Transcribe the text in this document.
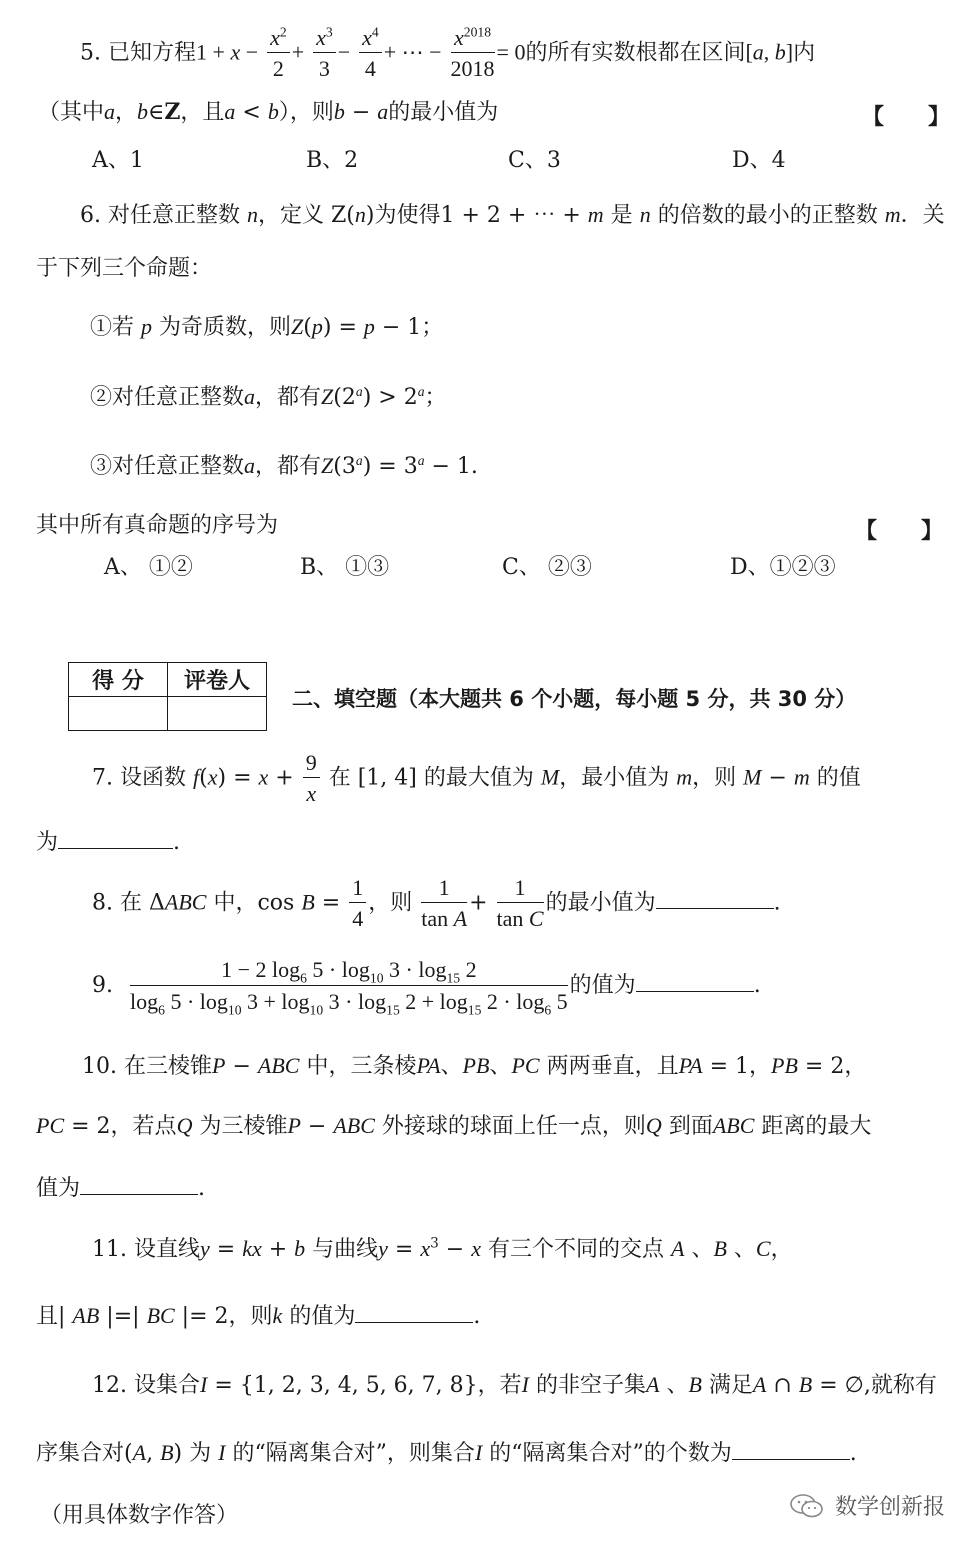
5. 已知方程$1 + x - \frac{x^2}{2} + \frac{x^3}{3} - \frac{x^4}{4}$ + ⋯ − $\frac{x^{2018}}{2018} = 0$的所有实数根都在区间[a, b]内
（其中a，b∈Z，且a < b），则b − a的最小值为	【　　】
A、1	B、2	C、3	D、4
6. 对任意正整数 n，定义 Z(n)为使得1 + 2 + ⋯ + m 是 n 的倍数的最小的正整数 m．关
于下列三个命题：
①若 p 为奇质数，则Z(p) = p − 1；
②对任意正整数a，都有$Z(2^a) > 2^a$；
③对任意正整数a，都有$Z(3^a) = 3^a - 1$.
其中所有真命题的序号为	【　　】
A、 ①②	B、 ①③	C、 ②③	D、①②③
得 分	评卷人

二、填空题（本大题共 6 个小题，每小题 5 分，共 30 分）
7. 设函数 $f(x) = x + \frac{9}{x}$ 在 [1, 4] 的最大值为 M，最小值为 m，则 M − m 的值
为	.
8. 在 ΔABC 中，$\cos B = \frac{1}{4}$ ，则 $\frac{1}{\text{tan A}} + \frac{1}{\text{tan C}}$ 的最小值为	.
9. $\frac{1 - 2 \log_6 5 \cdot \log_{10} 3 \cdot \log_{15} 2}{\log_6 5 \cdot \log_{10} 3 + \log_{10} 3 \cdot \log_{15} 2 + \log_{15} 2 \cdot \log_6 5}$ 的值为	.
10. 在三棱锥P − ABC 中，三条棱PA、PB、PC 两两垂直，且PA = 1，PB = 2，
PC = 2，若点Q 为三棱锥P − ABC 外接球的球面上任一点，则Q 到面ABC 距离的最大
值为	.
11. 设直线y = kx + b 与曲线$y = x^3 - x$ 有三个不同的交点 A 、B 、C，
且| AB |=| BC |= 2，则k 的值为	.
12. 设集合I = {1, 2, 3, 4, 5, 6, 7, 8}，若I 的非空子集A 、B 满足A ∩ B = ∅,就称有
序集合对(A, B) 为 I 的“隔离集合对”，则集合I 的“隔离集合对”的个数为	.
（用具体数字作答）	数学创新报
